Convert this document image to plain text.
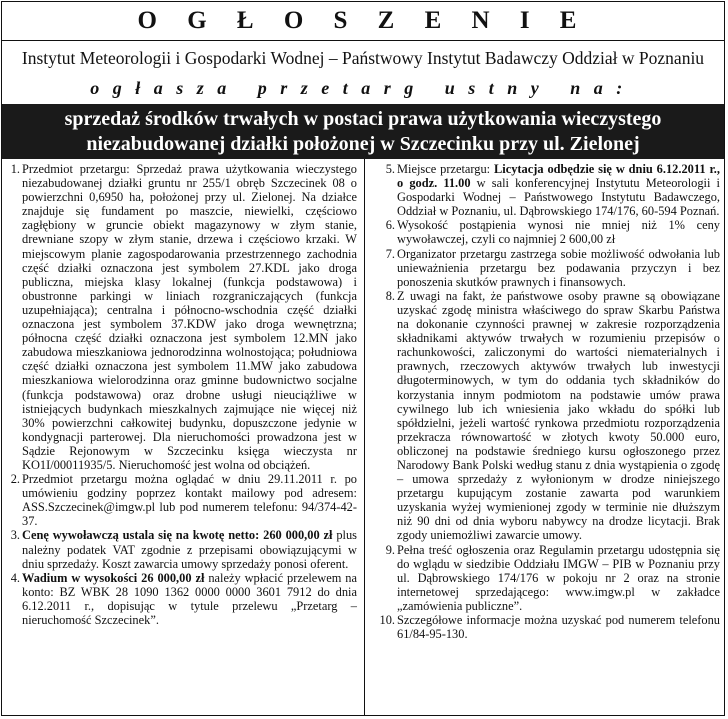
O G Ł O S Z E N I E
Instytut Meteorologii i Gospodarki Wodnej – Państwowy Instytut Badawczy Oddział w Poznaniu
ogłasza przetarg ustny na:
sprzedaż środków trwałych w postaci prawa użytkowania wieczystego
niezabudowanej działki położonej w Szczecinku przy ul. Zielonej

1. Przedmiot przetargu: Sprzedaż prawa użytkowania wieczystego niezabudowanej działki gruntu nr 255/1 obręb Szczecinek 08 o powierzchni 0,6950 ha, położonej przy ul. Zielonej. Na działce znajduje się fundament po maszcie, niewielki, częściowo zagłębiony w gruncie obiekt magazynowy w złym stanie, drewniane szopy w złym stanie, drzewa i częściowo krzaki. W miejscowym planie zagospodarowania przestrzennego zachodnia część działki oznaczona jest symbolem 27.KDL jako droga publiczna, miejska klasy lokalnej (funkcja podstawowa) i obustronne parkingi w liniach rozgraniczających (funkcja uzupełniająca); centralna i północno-wschodnia część działki oznaczona jest symbolem 37.KDW jako droga wewnętrzna; północna część działki oznaczona jest symbolem 12.MN jako zabudowa mieszkaniowa jednorodzinna wolnostojąca; południowa część działki oznaczona jest symbolem 11.MW jako zabudowa mieszkaniowa wielorodzinna oraz gminne budownictwo socjalne (funkcja podstawowa) oraz drobne usługi nieuciążliwe w istniejących budynkach mieszkalnych zajmujące nie więcej niż 30% powierzchni całkowitej budynku, dopuszczone jedynie w kondygnacji parterowej. Dla nieruchomości prowadzona jest w Sądzie Rejonowym w Szczecinku księga wieczysta nr KO1I/00011935/5. Nieruchomość jest wolna od obciążeń.

2. Przedmiot przetargu można oglądać w dniu 29.11.2011 r. po umówieniu godziny poprzez kontakt mailowy pod adresem: ASS.Szczecinek@imgw.pl lub pod numerem telefonu: 94/374-42-37.

3. Cenę wywoławczą ustala się na kwotę netto: 260 000,00 zł plus należny podatek VAT zgodnie z przepisami obowiązującymi w dniu sprzedaży. Koszt zawarcia umowy sprzedaży ponosi oferent.

4. Wadium w wysokości 26 000,00 zł należy wpłacić przelewem na konto: BZ WBK 28 1090 1362 0000 0000 3601 7912 do dnia 6.12.2011 r., dopisując w tytule przelewu „Przetarg – nieruchomość Szczecinek”.

5. Miejsce przetargu: Licytacja odbędzie się w dniu 6.12.2011 r., o godz. 11.00 w sali konferencyjnej Instytutu Meteorologii i Gospodarki Wodnej – Państwowego Instytutu Badawczego, Oddział w Poznaniu, ul. Dąbrowskiego 174/176, 60-594 Poznań.

6. Wysokość postąpienia wynosi nie mniej niż 1% ceny wywoławczej, czyli co najmniej 2 600,00 zł

7. Organizator przetargu zastrzega sobie możliwość odwołania lub unieważnienia przetargu bez podawania przyczyn i bez ponoszenia skutków prawnych i finansowych.

8. Z uwagi na fakt, że państwowe osoby prawne są obowiązane uzyskać zgodę ministra właściwego do spraw Skarbu Państwa na dokonanie czynności prawnej w zakresie rozporządzenia składnikami aktywów trwałych w rozumieniu przepisów o rachunkowości, zaliczonymi do wartości niematerialnych i prawnych, rzeczowych aktywów trwałych lub inwestycji długoterminowych, w tym do oddania tych składników do korzystania innym podmiotom na podstawie umów prawa cywilnego lub ich wniesienia jako wkładu do spółki lub spółdzielni, jeżeli wartość rynkowa przedmiotu rozporządzenia przekracza równowartość w złotych kwoty 50.000 euro, obliczonej na podstawie średniego kursu ogłoszonego przez Narodowy Bank Polski według stanu z dnia wystąpienia o zgodę – umowa sprzedaży z wyłonionym w drodze niniejszego przetargu kupującym zostanie zawarta pod warunkiem uzyskania wyżej wymienionej zgody w terminie nie dłuższym niż 90 dni od dnia wyboru nabywcy na drodze licytacji. Brak zgody uniemożliwi zawarcie umowy.

9. Pełna treść ogłoszenia oraz Regulamin przetargu udostępnia się do wglądu w siedzibie Oddziału IMGW – PIB w Poznaniu przy ul. Dąbrowskiego 174/176 w pokoju nr 2 oraz na stronie internetowej sprzedającego: www.imgw.pl w zakładce „zamówienia publiczne”.

10. Szczegółowe informacje można uzyskać pod numerem telefonu 61/84-95-130.
